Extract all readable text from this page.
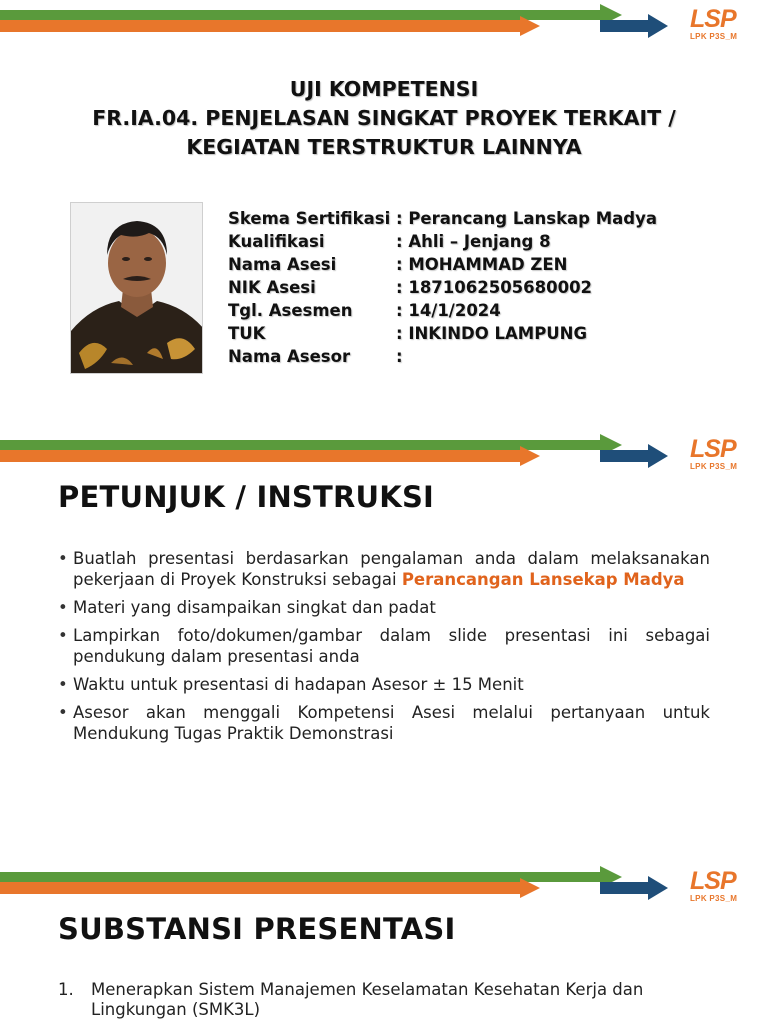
LSP
LPK P3S_M
UJI KOMPETENSI
FR.IA.04. PENJELASAN SINGKAT PROYEK TERKAIT /
KEGIATAN TERSTRUKTUR LAINNYA
Skema Sertifikasi : Perancang Lanskap Madya
Kualifikasi	: Ahli – Jenjang 8
Nama Asesi	: MOHAMMAD ZEN
NIK Asesi	: 1871062505680002
Tgl. Asesmen	: 14/1/2024
TUK	: INKINDO LAMPUNG
Nama Asesor	:
LSP
LPK P3S_M
PETUNJUK / INSTRUKSI
• Buatlah presentasi berdasarkan pengalaman anda dalam melaksanakan pekerjaan di Proyek Konstruksi sebagai Perancangan Lansekap Madya
• Materi yang disampaikan singkat dan padat
• Lampirkan foto/dokumen/gambar dalam slide presentasi ini sebagai pendukung dalam presentasi anda
• Waktu untuk presentasi di hadapan Asesor ± 15 Menit
• Asesor akan menggali Kompetensi Asesi melalui pertanyaan untuk Mendukung Tugas Praktik Demonstrasi
LSP
LPK P3S_M
SUBSTANSI PRESENTASI
1.	Menerapkan Sistem Manajemen Keselamatan Kesehatan Kerja dan Lingkungan (SMK3L)
